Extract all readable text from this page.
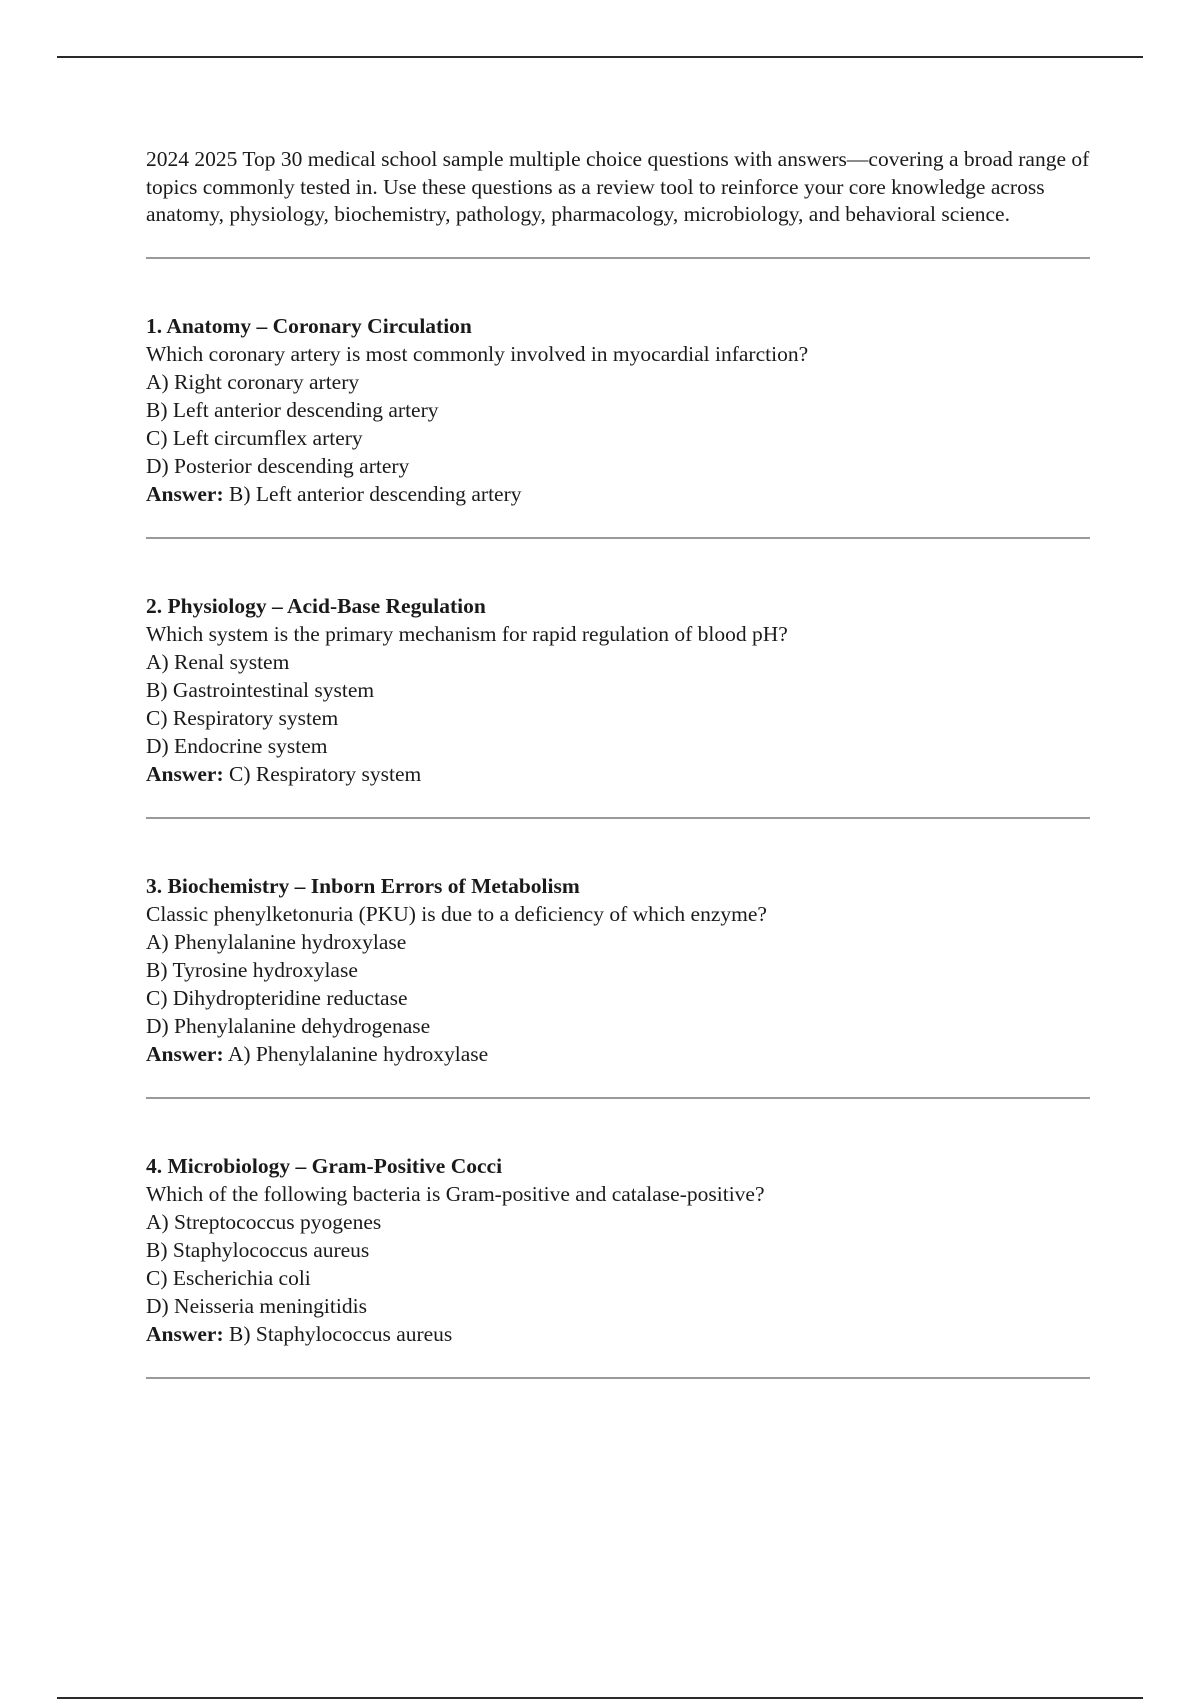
2024 2025 Top 30 medical school sample multiple choice questions with answers—covering a broad range of topics commonly tested in. Use these questions as a review tool to reinforce your core knowledge across anatomy, physiology, biochemistry, pathology, pharmacology, microbiology, and behavioral science.

1. Anatomy – Coronary Circulation

Which coronary artery is most commonly involved in myocardial infarction?

A) Right coronary artery

B) Left anterior descending artery

C) Left circumflex artery

D) Posterior descending artery

Answer: B) Left anterior descending artery

2. Physiology – Acid-Base Regulation

Which system is the primary mechanism for rapid regulation of blood pH?

A) Renal system

B) Gastrointestinal system

C) Respiratory system

D) Endocrine system

Answer: C) Respiratory system

3. Biochemistry – Inborn Errors of Metabolism

Classic phenylketonuria (PKU) is due to a deficiency of which enzyme?

A) Phenylalanine hydroxylase

B) Tyrosine hydroxylase

C) Dihydropteridine reductase

D) Phenylalanine dehydrogenase

Answer: A) Phenylalanine hydroxylase

4. Microbiology – Gram-Positive Cocci

Which of the following bacteria is Gram-positive and catalase-positive?

A) Streptococcus pyogenes

B) Staphylococcus aureus

C) Escherichia coli

D) Neisseria meningitidis

Answer: B) Staphylococcus aureus
